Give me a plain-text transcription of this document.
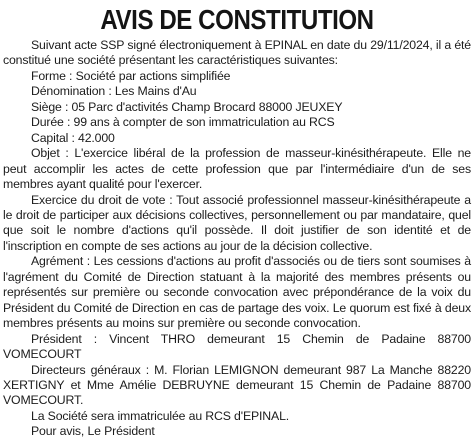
AVIS DE CONSTITUTION

Suivant acte SSP signé électroniquement à EPINAL en date du 29/11/2024, il a été constitué une société présentant les caractéristiques suivantes:

Forme : Société par actions simplifiée

Dénomination : Les Mains d'Au

Siège : 05 Parc d'activités Champ Brocard 88000 JEUXEY

Durée : 99 ans à compter de son immatriculation au RCS

Capital : 42.000

Objet : L'exercice libéral de la profession de masseur-kinésithérapeute. Elle ne peut accomplir les actes de cette profession que par l'intermédiaire d'un de ses membres ayant qualité pour l'exercer.

Exercice du droit de vote : Tout associé professionnel masseur-kinésithérapeute a le droit de participer aux décisions collectives, personnellement ou par mandataire, quel que soit le nombre d'actions qu'il possède. Il doit justifier de son identité et de l'inscription en compte de ses actions au jour de la décision collective.

Agrément : Les cessions d'actions au profit d'associés ou de tiers sont soumises à l'agrément du Comité de Direction statuant à la majorité des membres présents ou représentés sur première ou seconde convocation avec prépondérance de la voix du Président du Comité de Direction en cas de partage des voix. Le quorum est fixé à deux membres présents au moins sur première ou seconde convocation.

Président : Vincent THRO demeurant 15 Chemin de Padaine 88700 VOMECOURT

Directeurs généraux : M. Florian LEMIGNON demeurant 987 La Manche 88220 XERTIGNY et Mme Amélie DEBRUYNE demeurant 15 Chemin de Padaine 88700 VOMECOURT.

La Société sera immatriculée au RCS d'EPINAL.

Pour avis, Le Président
